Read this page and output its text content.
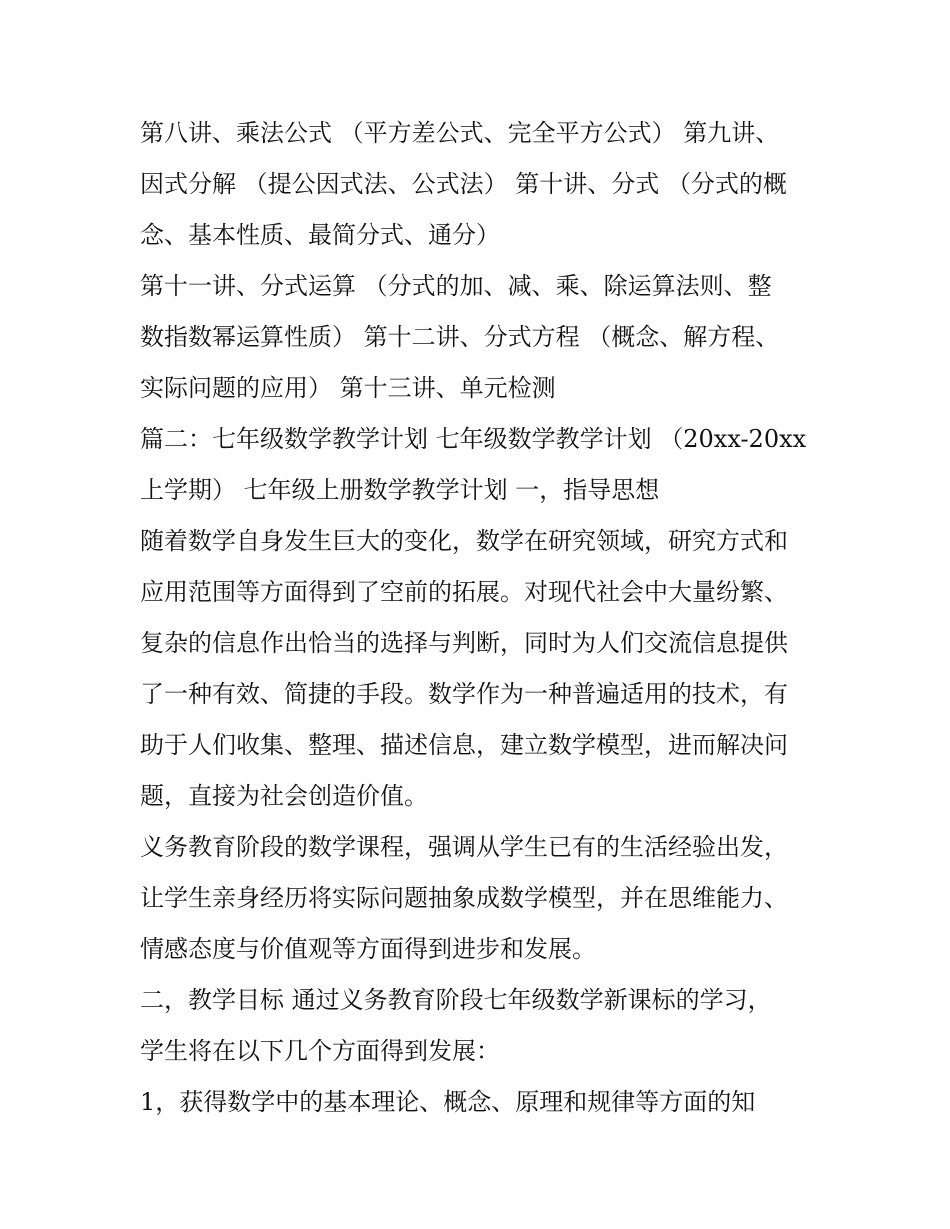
第八讲、乘法公式 （平方差公式、完全平方公式） 第九讲、
因式分解 （提公因式法、公式法） 第十讲、分式 （分式的概
念、基本性质、最简分式、通分）
第十一讲、分式运算 （分式的加、减、乘、除运算法则、整
数指数幂运算性质） 第十二讲、分式方程 （概念、解方程、
实际问题的应用） 第十三讲、单元检测
篇二：七年级数学教学计划 七年级数学教学计划 （20xx-20xx
上学期） 七年级上册数学教学计划 一，指导思想
随着数学自身发生巨大的变化，数学在研究领域，研究方式和
应用范围等方面得到了空前的拓展。对现代社会中大量纷繁、
复杂的信息作出恰当的选择与判断，同时为人们交流信息提供
了一种有效、简捷的手段。数学作为一种普遍适用的技术，有
助于人们收集、整理、描述信息，建立数学模型，进而解决问
题，直接为社会创造价值。
义务教育阶段的数学课程，强调从学生已有的生活经验出发，
让学生亲身经历将实际问题抽象成数学模型，并在思维能力、
情感态度与价值观等方面得到进步和发展。
二，教学目标 通过义务教育阶段七年级数学新课标的学习，
学生将在以下几个方面得到发展：
1，获得数学中的基本理论、概念、原理和规律等方面的知
